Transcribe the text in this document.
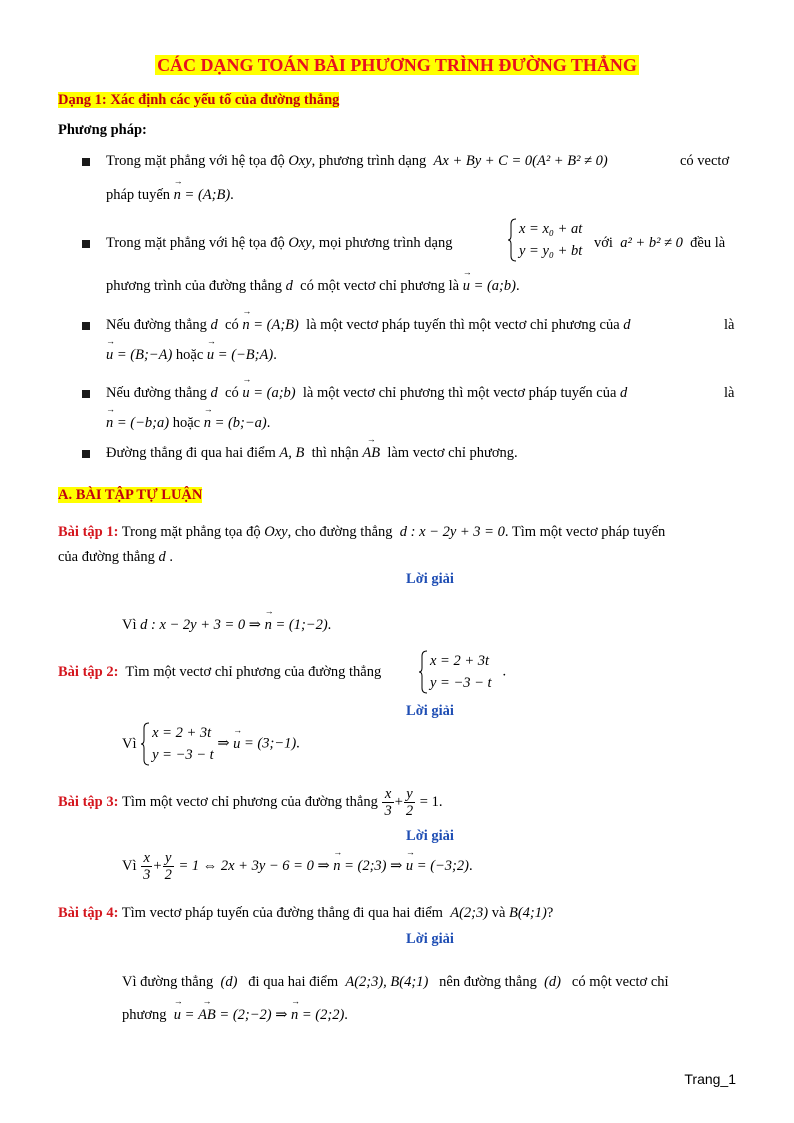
CÁC DẠNG TOÁN BÀI PHƯƠNG TRÌNH ĐƯỜNG THẲNG
Dạng 1: Xác định các yếu tố của đường thẳng
Phương pháp:
Trong mặt phẳng với hệ tọa độ Oxy, phương trình dạng Ax + By + C = 0(A² + B² ≠ 0)	có vectơ
pháp tuyến → n = (A;B).
Trong mặt phẳng với hệ tọa độ Oxy, mọi phương trình dạng
x = x₀ + at
y = y₀ + bt với a² + b² ≠ 0 đều là
phương trình của đường thẳng d có một vectơ chỉ phương là → u = (a;b).
Nếu đường thẳng d có → n = (A;B) là một vectơ pháp tuyến thì một vectơ chỉ phương của d	là
→ u = (B;−A) hoặc → u = (−B;A).
Nếu đường thẳng d có → u = (a;b) là một vectơ chỉ phương thì một vectơ pháp tuyến của d	là
→ n = (−b;a) hoặc → n = (b;−a).
Đường thẳng đi qua hai điểm A, B thì nhận → AB làm vectơ chỉ phương.
A. BÀI TẬP TỰ LUẬN
Bài tập 1: Trong mặt phẳng tọa độ Oxy, cho đường thẳng d : x − 2y + 3 = 0. Tìm một vectơ pháp tuyến
của đường thẳng d .
Lời giải
Vì d : x − 2y + 3 = 0 ⇒ → n = (1;−2).
Bài tập 2: Tìm một vectơ chỉ phương của đường thẳng
x = 2 + 3t
y = −3 − t
.
Lời giải
Vì
x = 2 + 3t
y = −3 − t
⇒ → u = (3;−1).
Bài tập 3: Tìm một vectơ chỉ phương của đường thẳng $\frac{x}{3} + \frac{y}{2} = 1$.
Lời giải
Vì $\frac{x}{3} + \frac{y}{2} = 1$ ⇔ 2x + 3y − 6 = 0 ⇒ → n = (2;3) ⇒ → u = (−3;2).
Bài tập 4: Tìm vectơ pháp tuyến của đường thẳng đi qua hai điểm A(2;3) và B(4;1)?
Lời giải
Vì đường thẳng (d) đi qua hai điểm A(2;3), B(4;1) nên đường thẳng (d) có một vectơ chỉ
phương → u = → AB = (2;−2) ⇒ → n = (2;2).
Trang_1
